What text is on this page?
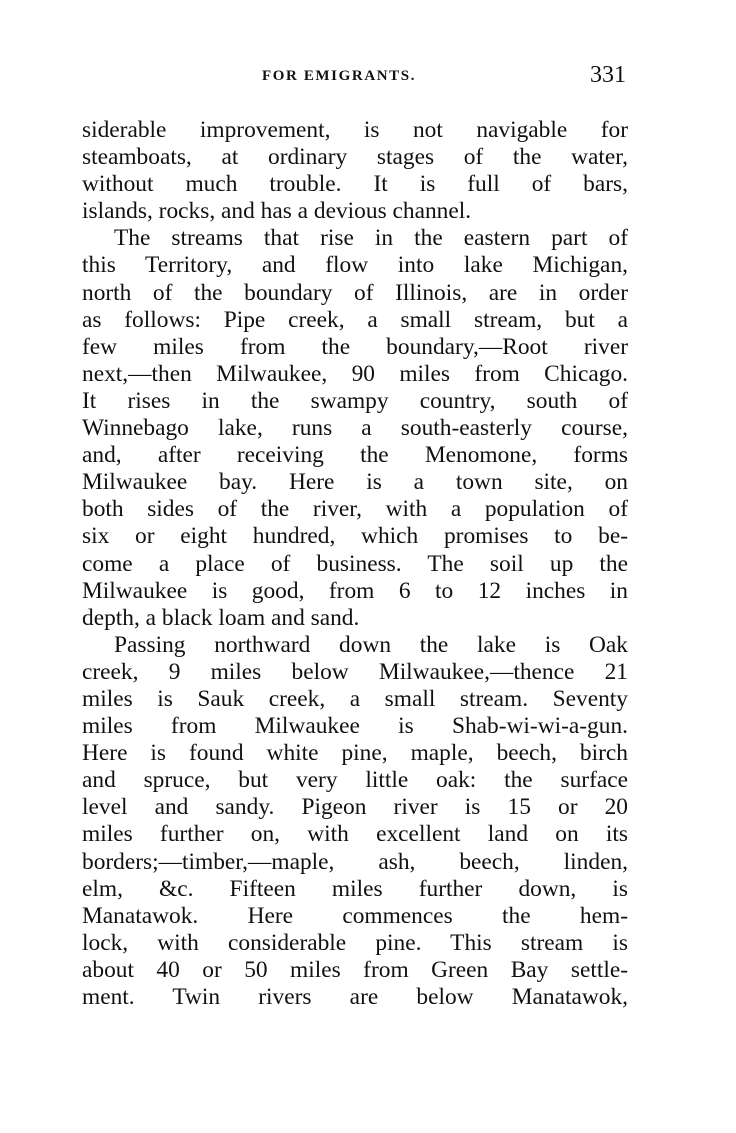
FOR EMIGRANTS.	331
siderable improvement, is not navigable for
steamboats, at ordinary stages of the water,
without much trouble. It is full of bars,
islands, rocks, and has a devious channel.
The streams that rise in the eastern part of
this Territory, and flow into lake Michigan,
north of the boundary of Illinois, are in order
as follows: Pipe creek, a small stream, but a
few miles from the boundary,—Root river
next,—then Milwaukee, 90 miles from Chicago.
It rises in the swampy country, south of
Winnebago lake, runs a south-easterly course,
and, after receiving the Menomone, forms
Milwaukee bay. Here is a town site, on
both sides of the river, with a population of
six or eight hundred, which promises to be-
come a place of business. The soil up the
Milwaukee is good, from 6 to 12 inches in
depth, a black loam and sand.
Passing northward down the lake is Oak
creek, 9 miles below Milwaukee,—thence 21
miles is Sauk creek, a small stream. Seventy
miles from Milwaukee is Shab-wi-wi-a-gun.
Here is found white pine, maple, beech, birch
and spruce, but very little oak: the surface
level and sandy. Pigeon river is 15 or 20
miles further on, with excellent land on its
borders;—timber,—maple, ash, beech, linden,
elm, &c. Fifteen miles further down, is
Manatawok. Here commences the hem-
lock, with considerable pine. This stream is
about 40 or 50 miles from Green Bay settle-
ment. Twin rivers are below Manatawok,
